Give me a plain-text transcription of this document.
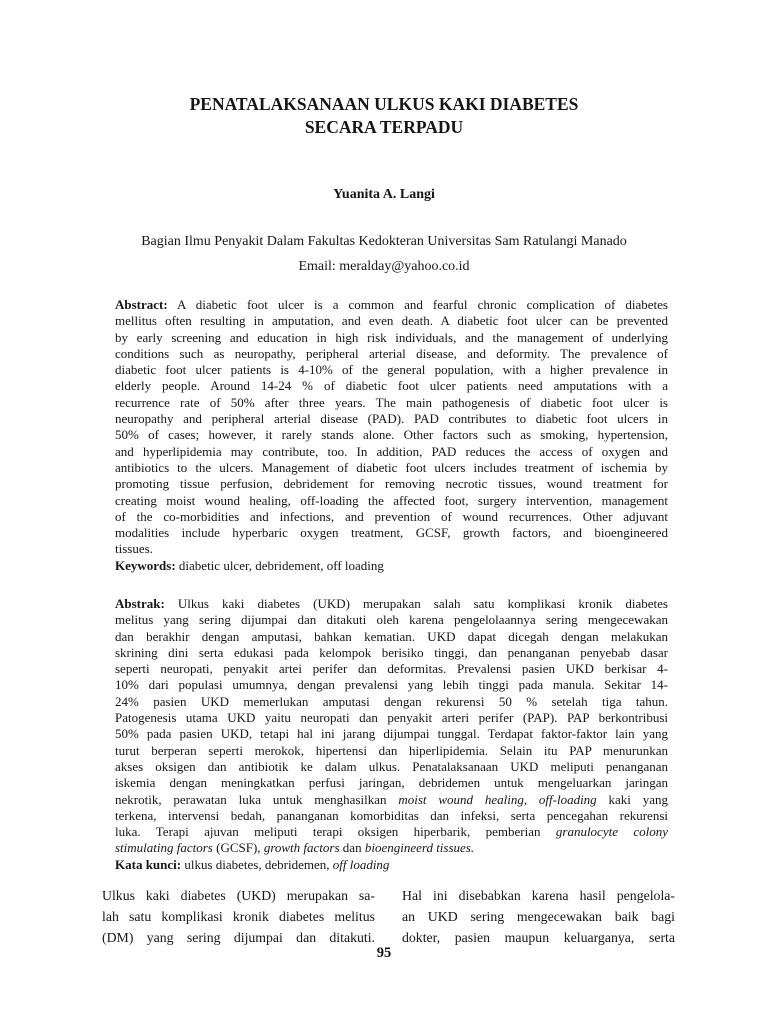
PENATALAKSANAAN ULKUS KAKI DIABETES
SECARA TERPADU
Yuanita A. Langi
Bagian Ilmu Penyakit Dalam Fakultas Kedokteran Universitas Sam Ratulangi Manado
Email: meralday@yahoo.co.id
Abstract: A diabetic foot ulcer is a common and fearful chronic complication of diabetes
mellitus often resulting in amputation, and even death. A diabetic foot ulcer can be prevented
by early screening and education in high risk individuals, and the management of underlying
conditions such as neuropathy, peripheral arterial disease, and deformity. The prevalence of
diabetic foot ulcer patients is 4-10% of the general population, with a higher prevalence in
elderly people. Around 14-24 % of diabetic foot ulcer patients need amputations with a
recurrence rate of 50% after three years. The main pathogenesis of diabetic foot ulcer is
neuropathy and peripheral arterial disease (PAD). PAD contributes to diabetic foot ulcers in
50% of cases; however, it rarely stands alone. Other factors such as smoking, hypertension,
and hyperlipidemia may contribute, too. In addition, PAD reduces the access of oxygen and
antibiotics to the ulcers. Management of diabetic foot ulcers includes treatment of ischemia by
promoting tissue perfusion, debridement for removing necrotic tissues, wound treatment for
creating moist wound healing, off-loading the affected foot, surgery intervention, management
of the co-morbidities and infections, and prevention of wound recurrences. Other adjuvant
modalities include hyperbaric oxygen treatment, GCSF, growth factors, and bioengineered
tissues.
Keywords: diabetic ulcer, debridement, off loading
Abstrak: Ulkus kaki diabetes (UKD) merupakan salah satu komplikasi kronik diabetes
melitus yang sering dijumpai dan ditakuti oleh karena pengelolaannya sering mengecewakan
dan berakhir dengan amputasi, bahkan kematian. UKD dapat dicegah dengan melakukan
skrining dini serta edukasi pada kelompok berisiko tinggi, dan penanganan penyebab dasar
seperti neuropati, penyakit artei perifer dan deformitas. Prevalensi pasien UKD berkisar 4-
10% dari populasi umumnya, dengan prevalensi yang lebih tinggi pada manula. Sekitar 14-
24% pasien UKD memerlukan amputasi dengan rekurensi 50 % setelah tiga tahun.
Patogenesis utama UKD yaitu neuropati dan penyakit arteri perifer (PAP). PAP berkontribusi
50% pada pasien UKD, tetapi hal ini jarang dijumpai tunggal. Terdapat faktor-faktor lain yang
turut berperan seperti merokok, hipertensi dan hiperlipidemia. Selain itu PAP menurunkan
akses oksigen dan antibiotik ke dalam ulkus. Penatalaksanaan UKD meliputi penanganan
iskemia dengan meningkatkan perfusi jaringan, debridemen untuk mengeluarkan jaringan
nekrotik, perawatan luka untuk menghasilkan moist wound healing, off-loading kaki yang
terkena, intervensi bedah, pananganan komorbiditas dan infeksi, serta pencegahan rekurensi
luka. Terapi ajuvan meliputi terapi oksigen hiperbarik, pemberian granulocyte colony
stimulating factors (GCSF), growth factors dan bioengineerd tissues.
Kata kunci: ulkus diabetes, debridemen, off loading
Ulkus kaki diabetes (UKD) merupakan sa-
lah satu komplikasi kronik diabetes melitus
(DM) yang sering dijumpai dan ditakuti.
Hal ini disebabkan karena hasil pengelola-
an UKD sering mengecewakan baik bagi
dokter, pasien maupun keluarganya, serta
95
